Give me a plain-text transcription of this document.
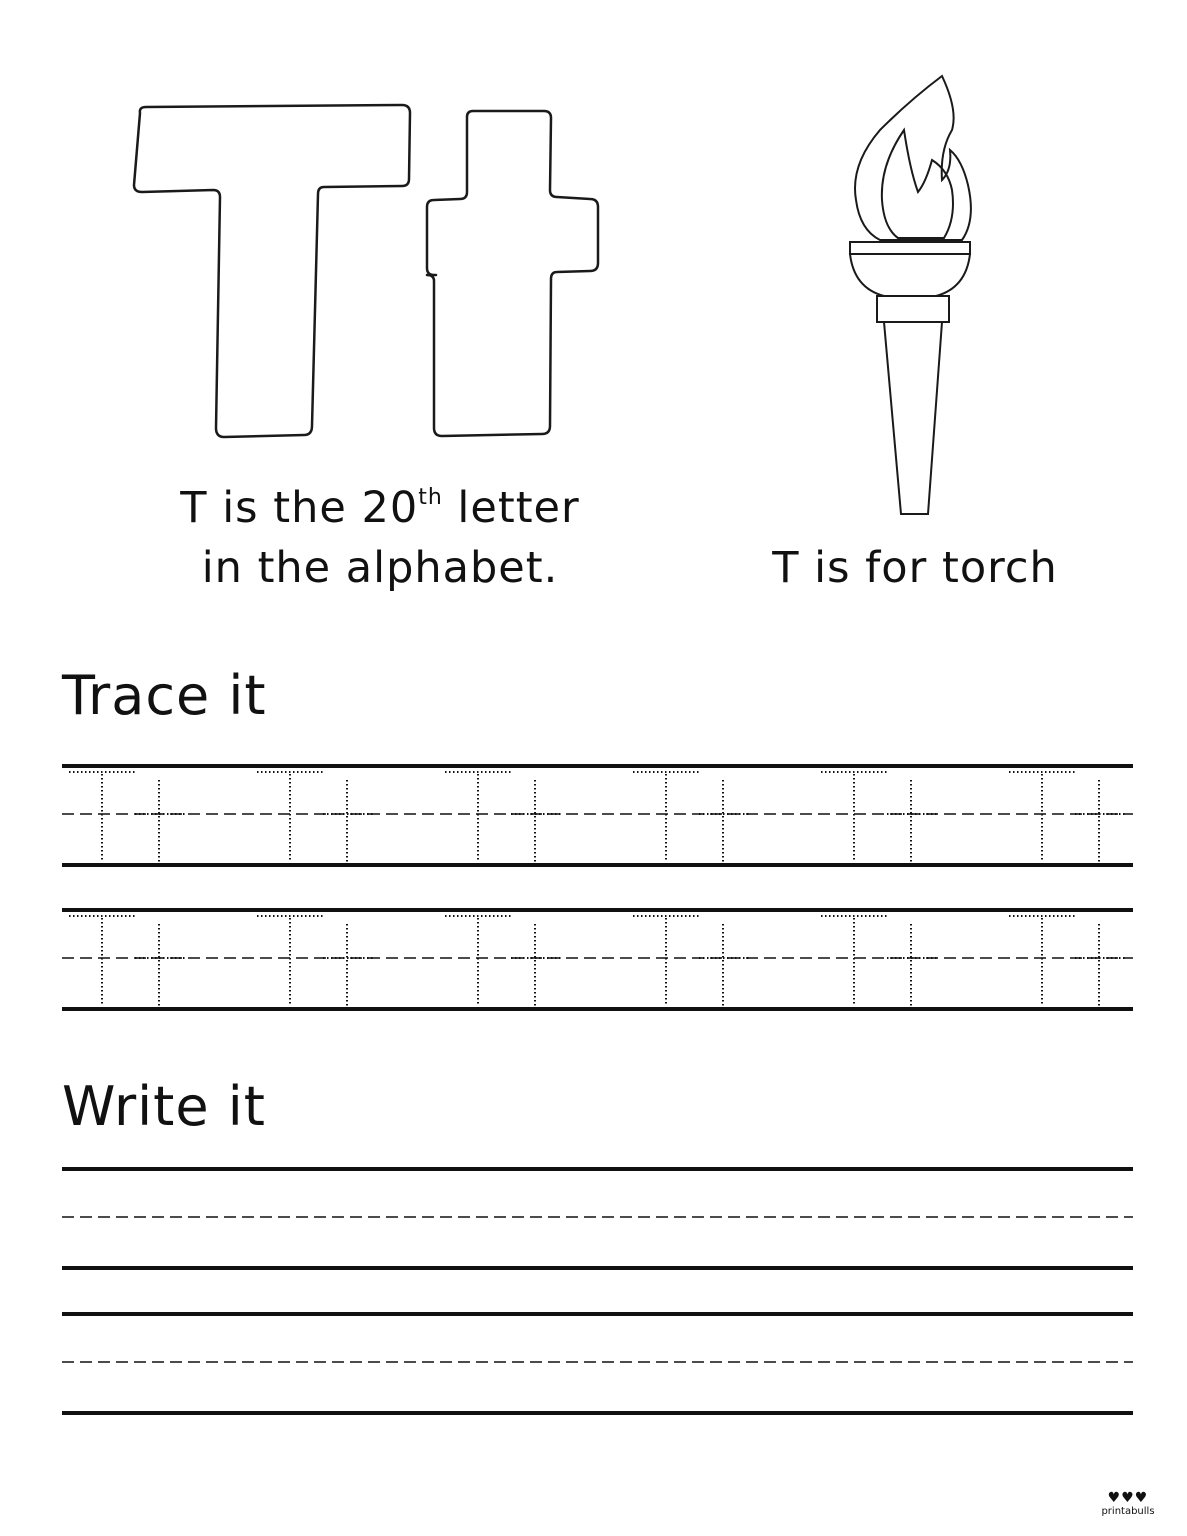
T is the 20th letter
in the alphabet.	T is for torch
Trace it
Write it
♥♥♥
printabulls
